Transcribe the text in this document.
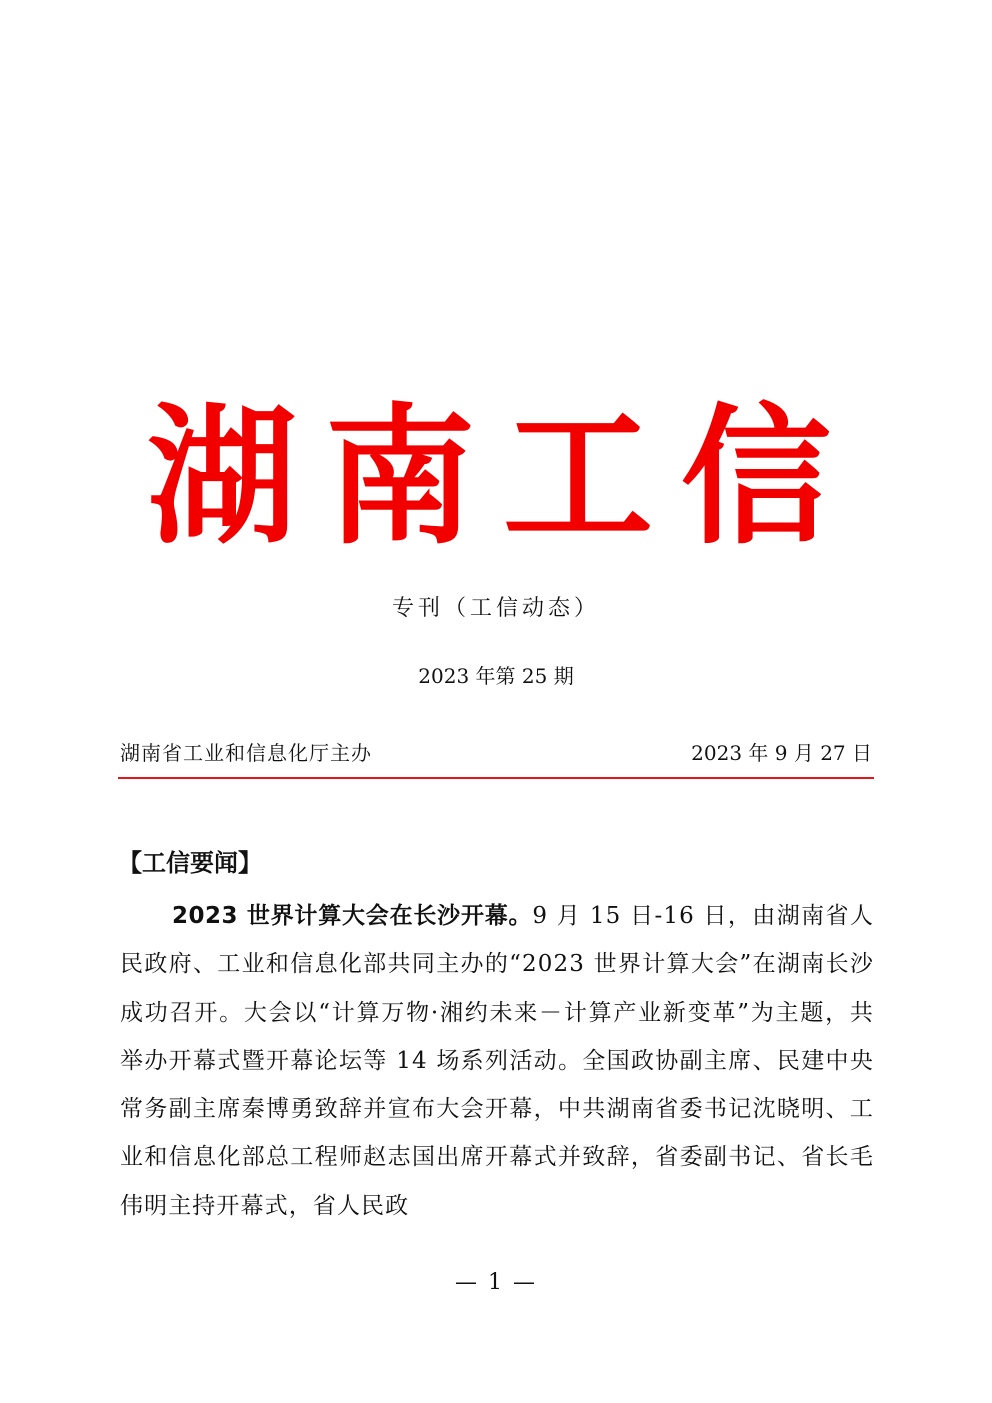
湖南工信
专刊（工信动态）
2023 年第 25 期
湖南省工业和信息化厅主办	2023 年 9 月 27 日
【工信要闻】

2023 世界计算大会在长沙开幕。9 月 15 日-16 日，由湖南省人民政府、工业和信息化部共同主办的“2023 世界计算大会”在湖南长沙成功召开。大会以“计算万物·湘约未来－计算产业新变革”为主题，共举办开幕式暨开幕论坛等 14 场系列活动。全国政协副主席、民建中央常务副主席秦博勇致辞并宣布大会开幕，中共湖南省委书记沈晓明、工业和信息化部总工程师赵志国出席开幕式并致辞，省委副书记、省长毛伟明主持开幕式，省人民政

— 1 —
